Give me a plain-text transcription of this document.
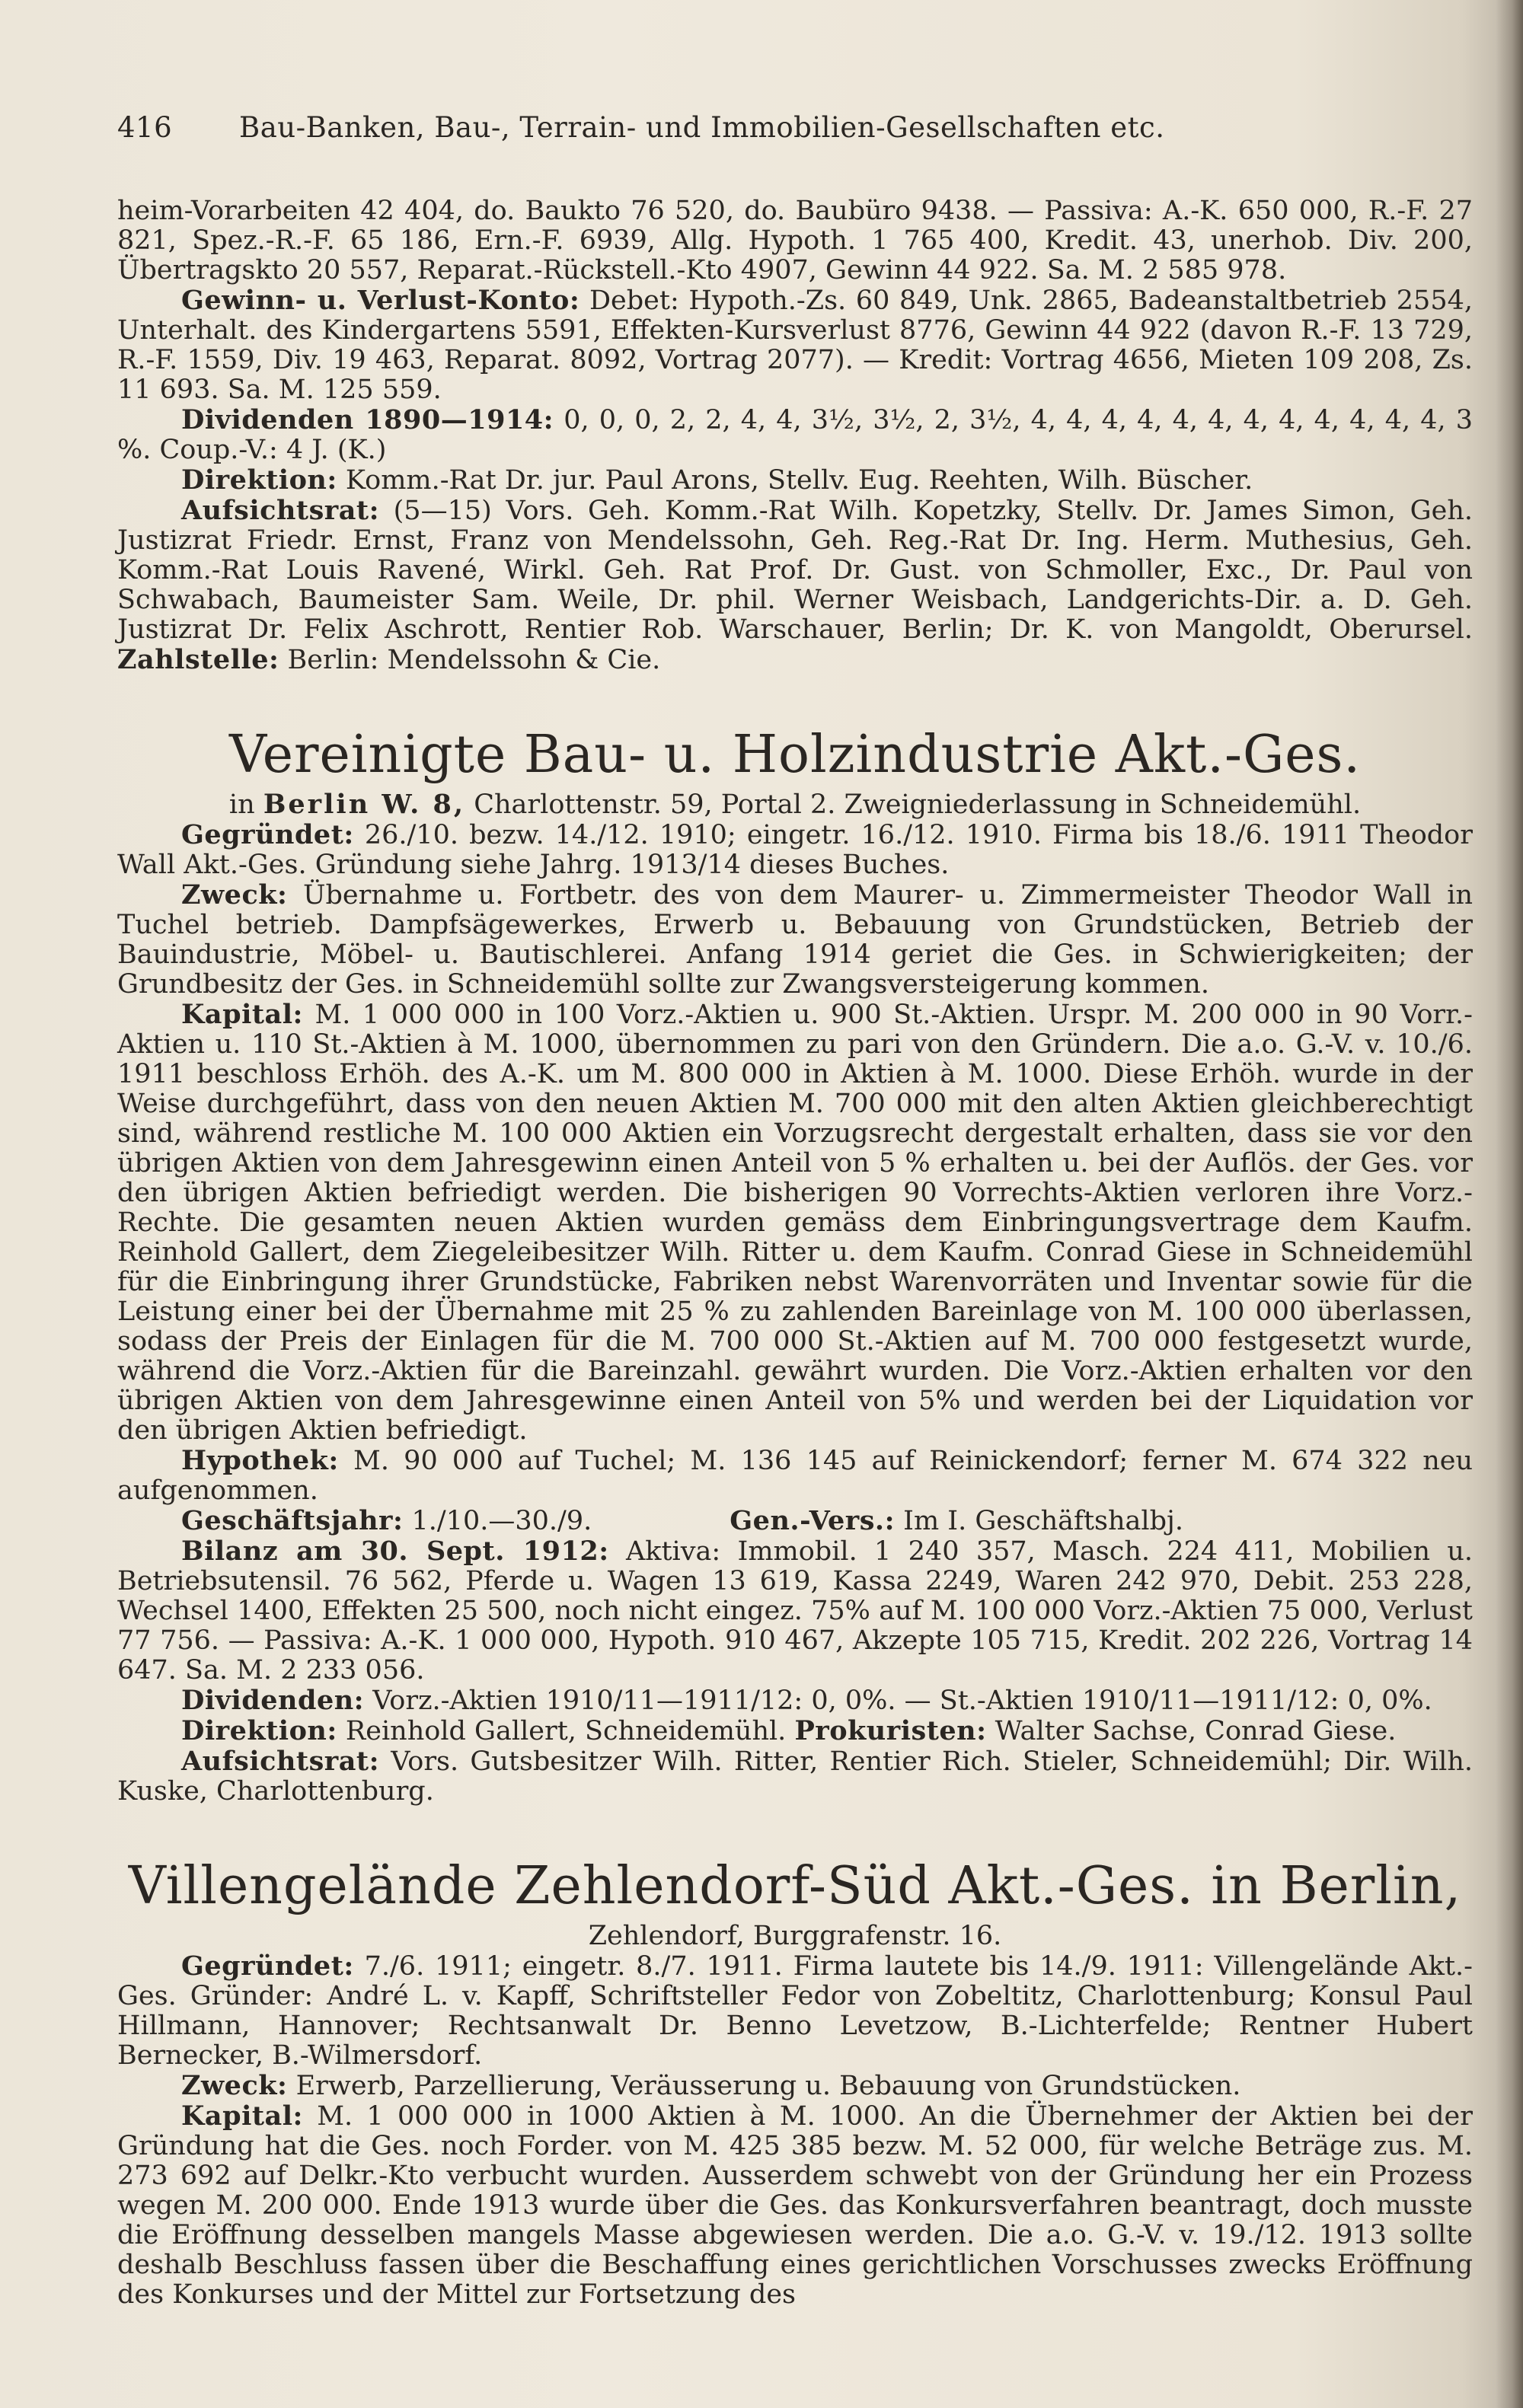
416 Bau-Banken, Bau-, Terrain- und Immobilien-Gesellschaften etc.

heim-Vorarbeiten 42 404, do. Baukto 76 520, do. Baubüro 9438. — Passiva: A.-K. 650 000, R.-F. 27 821, Spez.-R.-F. 65 186, Ern.-F. 6939, Allg. Hypoth. 1 765 400, Kredit. 43, unerhob. Div. 200, Übertragskto 20 557, Reparat.-Rückstell.-Kto 4907, Gewinn 44 922. Sa. M. 2 585 978.

Gewinn- u. Verlust-Konto: Debet: Hypoth.-Zs. 60 849, Unk. 2865, Badeanstaltbetrieb 2554, Unterhalt. des Kindergartens 5591, Effekten-Kursverlust 8776, Gewinn 44 922 (davon R.-F. 13 729, R.-F. 1559, Div. 19 463, Reparat. 8092, Vortrag 2077). — Kredit: Vortrag 4656, Mieten 109 208, Zs. 11 693. Sa. M. 125 559.

Dividenden 1890—1914: 0, 0, 0, 2, 2, 4, 4, 3½, 3½, 2, 3½, 4, 4, 4, 4, 4, 4, 4, 4, 4, 4, 4, 4, 3 %. Coup.-V.: 4 J. (K.)

Direktion: Komm.-Rat Dr. jur. Paul Arons, Stellv. Eug. Reehten, Wilh. Büscher.

Aufsichtsrat: (5—15) Vors. Geh. Komm.-Rat Wilh. Kopetzky, Stellv. Dr. James Simon, Geh. Justizrat Friedr. Ernst, Franz von Mendelssohn, Geh. Reg.-Rat Dr. Ing. Herm. Muthesius, Geh. Komm.-Rat Louis Ravené, Wirkl. Geh. Rat Prof. Dr. Gust. von Schmoller, Exc., Dr. Paul von Schwabach, Baumeister Sam. Weile, Dr. phil. Werner Weisbach, Landgerichts-Dir. a. D. Geh. Justizrat Dr. Felix Aschrott, Rentier Rob. Warschauer, Berlin; Dr. K. von Mangoldt, Oberursel. Zahlstelle: Berlin: Mendelssohn & Cie.

Vereinigte Bau- u. Holzindustrie Akt.-Ges.
in Berlin W. 8, Charlottenstr. 59, Portal 2. Zweigniederlassung in Schneidemühl.

Gegründet: 26./10. bezw. 14./12. 1910; eingetr. 16./12. 1910. Firma bis 18./6. 1911 Theodor Wall Akt.-Ges. Gründung siehe Jahrg. 1913/14 dieses Buches.

Zweck: Übernahme u. Fortbetr. des von dem Maurer- u. Zimmermeister Theodor Wall in Tuchel betrieb. Dampfsägewerkes, Erwerb u. Bebauung von Grundstücken, Betrieb der Bauindustrie, Möbel- u. Bautischlerei. Anfang 1914 geriet die Ges. in Schwierigkeiten; der Grundbesitz der Ges. in Schneidemühl sollte zur Zwangsversteigerung kommen.

Kapital: M. 1 000 000 in 100 Vorz.-Aktien u. 900 St.-Aktien. Urspr. M. 200 000 in 90 Vorr.-Aktien u. 110 St.-Aktien à M. 1000, übernommen zu pari von den Gründern. Die a.o. G.-V. v. 10./6. 1911 beschloss Erhöh. des A.-K. um M. 800 000 in Aktien à M. 1000. Diese Erhöh. wurde in der Weise durchgeführt, dass von den neuen Aktien M. 700 000 mit den alten Aktien gleichberechtigt sind, während restliche M. 100 000 Aktien ein Vorzugsrecht dergestalt erhalten, dass sie vor den übrigen Aktien von dem Jahresgewinn einen Anteil von 5 % erhalten u. bei der Auflös. der Ges. vor den übrigen Aktien befriedigt werden. Die bisherigen 90 Vorrechts-Aktien verloren ihre Vorz.-Rechte. Die gesamten neuen Aktien wurden gemäss dem Einbringungsvertrage dem Kaufm. Reinhold Gallert, dem Ziegeleibesitzer Wilh. Ritter u. dem Kaufm. Conrad Giese in Schneidemühl für die Einbringung ihrer Grundstücke, Fabriken nebst Warenvorräten und Inventar sowie für die Leistung einer bei der Übernahme mit 25 % zu zahlenden Bareinlage von M. 100 000 überlassen, sodass der Preis der Einlagen für die M. 700 000 St.-Aktien auf M. 700 000 festgesetzt wurde, während die Vorz.-Aktien für die Bareinzahl. gewährt wurden. Die Vorz.-Aktien erhalten vor den übrigen Aktien von dem Jahresgewinne einen Anteil von 5% und werden bei der Liquidation vor den übrigen Aktien befriedigt.

Hypothek: M. 90 000 auf Tuchel; M. 136 145 auf Reinickendorf; ferner M. 674 322 neu aufgenommen.

Geschäftsjahr: 1./10.—30./9.	Gen.-Vers.: Im I. Geschäftshalbj.

Bilanz am 30. Sept. 1912: Aktiva: Immobil. 1 240 357, Masch. 224 411, Mobilien u. Betriebsutensil. 76 562, Pferde u. Wagen 13 619, Kassa 2249, Waren 242 970, Debit. 253 228, Wechsel 1400, Effekten 25 500, noch nicht eingez. 75% auf M. 100 000 Vorz.-Aktien 75 000, Verlust 77 756. — Passiva: A.-K. 1 000 000, Hypoth. 910 467, Akzepte 105 715, Kredit. 202 226, Vortrag 14 647. Sa. M. 2 233 056.

Dividenden: Vorz.-Aktien 1910/11—1911/12: 0, 0%. — St.-Aktien 1910/11—1911/12: 0, 0%.

Direktion: Reinhold Gallert, Schneidemühl. Prokuristen: Walter Sachse, Conrad Giese.

Aufsichtsrat: Vors. Gutsbesitzer Wilh. Ritter, Rentier Rich. Stieler, Schneidemühl; Dir. Wilh. Kuske, Charlottenburg.

Villengelände Zehlendorf-Süd Akt.-Ges. in Berlin,
Zehlendorf, Burggrafenstr. 16.

Gegründet: 7./6. 1911; eingetr. 8./7. 1911. Firma lautete bis 14./9. 1911: Villengelände Akt.-Ges. Gründer: André L. v. Kapff, Schriftsteller Fedor von Zobeltitz, Charlottenburg; Konsul Paul Hillmann, Hannover; Rechtsanwalt Dr. Benno Levetzow, B.-Lichterfelde; Rentner Hubert Bernecker, B.-Wilmersdorf.

Zweck: Erwerb, Parzellierung, Veräusserung u. Bebauung von Grundstücken.

Kapital: M. 1 000 000 in 1000 Aktien à M. 1000. An die Übernehmer der Aktien bei der Gründung hat die Ges. noch Forder. von M. 425 385 bezw. M. 52 000, für welche Beträge zus. M. 273 692 auf Delkr.-Kto verbucht wurden. Ausserdem schwebt von der Gründung her ein Prozess wegen M. 200 000. Ende 1913 wurde über die Ges. das Konkursverfahren beantragt, doch musste die Eröffnung desselben mangels Masse abgewiesen werden. Die a.o. G.-V. v. 19./12. 1913 sollte deshalb Beschluss fassen über die Beschaffung eines gerichtlichen Vorschusses zwecks Eröffnung des Konkurses und der Mittel zur Fortsetzung des
